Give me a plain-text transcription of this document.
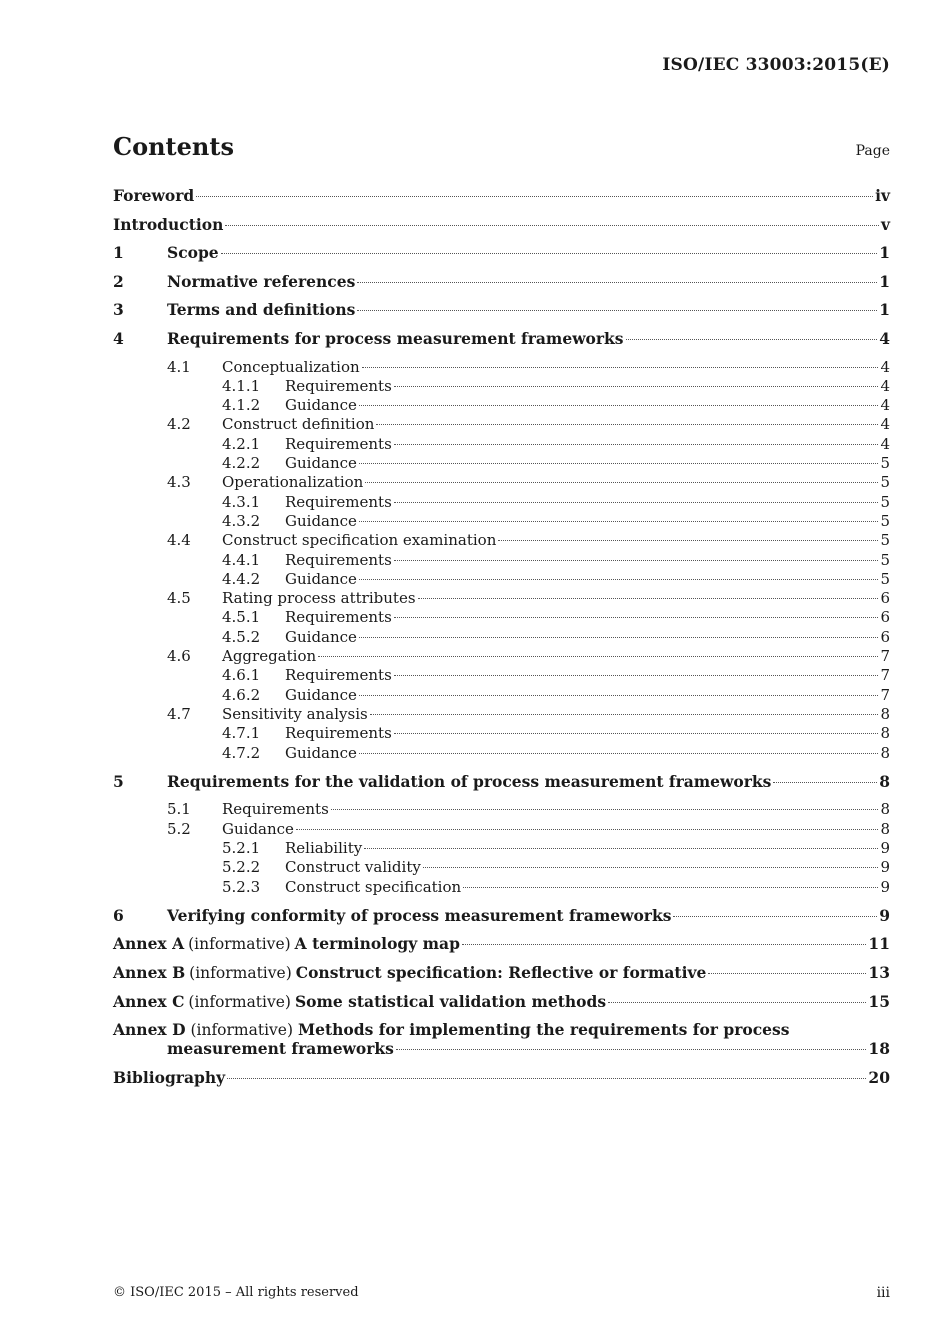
ISO/IEC 33003:2015(E)
Contents	Page
Foreword	iv
Introduction	v
1	Scope	1
2	Normative references	1
3	Terms and definitions	1
4	Requirements for process measurement frameworks	4
4.1	Conceptualization	4
4.1.1	Requirements	4
4.1.2	Guidance	4
4.2	Construct definition	4
4.2.1	Requirements	4
4.2.2	Guidance	5
4.3	Operationalization	5
4.3.1	Requirements	5
4.3.2	Guidance	5
4.4	Construct specification examination	5
4.4.1	Requirements	5
4.4.2	Guidance	5
4.5	Rating process attributes	6
4.5.1	Requirements	6
4.5.2	Guidance	6
4.6	Aggregation	7
4.6.1	Requirements	7
4.6.2	Guidance	7
4.7	Sensitivity analysis	8
4.7.1	Requirements	8
4.7.2	Guidance	8
5	Requirements for the validation of process measurement frameworks	8
5.1	Requirements	8
5.2	Guidance	8
5.2.1	Reliability	9
5.2.2	Construct validity	9
5.2.3	Construct specification	9
6	Verifying conformity of process measurement frameworks	9
Annex A (informative) A terminology map	11
Annex B (informative) Construct specification: Reflective or formative	13
Annex C (informative) Some statistical validation methods	15
Annex D (informative) Methods for implementing the requirements for process
measurement frameworks	18
Bibliography	20
© ISO/IEC 2015 – All rights reserved	iii
